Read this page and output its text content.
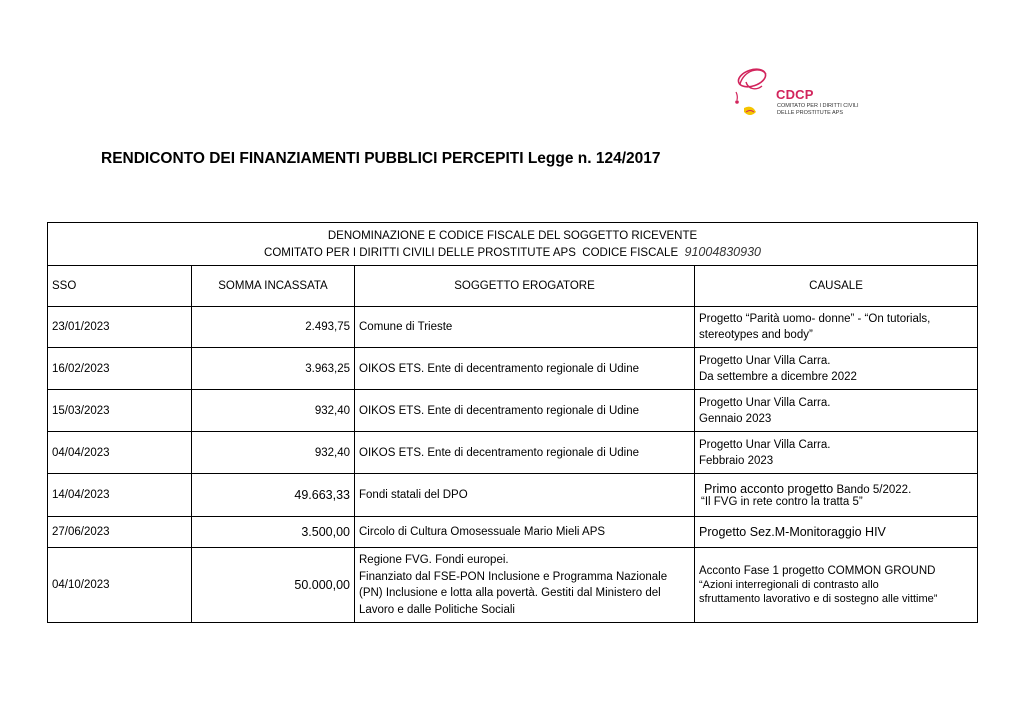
CDCP
COMITATO PER I DIRITTI CIVILI
DELLE PROSTITUTE APS
RENDICONTO DEI FINANZIAMENTI PUBBLICI PERCEPITI Legge n. 124/2017
DENOMINAZIONE E CODICE FISCALE DEL SOGGETTO RICEVENTE
COMITATO PER I DIRITTI CIVILI DELLE PROSTITUTE APS CODICE FISCALE 91004830930			

SSO	SOMMA INCASSATA	SOGGETTO EROGATORE	CAUSALE
23/01/2023	2.493,75	Comune di Trieste	Progetto “Parità uomo- donne” - “On tutorials,
stereotypes and body”

16/02/2023	3.963,25	OIKOS ETS. Ente di decentramento regionale di Udine	Progetto Unar Villa Carra.
Da settembre a dicembre 2022

15/03/2023	932,40	OIKOS ETS. Ente di decentramento regionale di Udine	Progetto Unar Villa Carra.
Gennaio 2023

04/04/2023	932,40	OIKOS ETS. Ente di decentramento regionale di Udine	Progetto Unar Villa Carra.
Febbraio 2023

14/04/2023	49.663,33	Fondi statali del DPO	Primo acconto progetto Bando 5/2022.
“Il FVG in rete contro la tratta 5”

27/06/2023	3.500,00	Circolo di Cultura Omosessuale Mario Mieli APS	Progetto Sez.M-Monitoraggio HIV

04/10/2023	50.000,00	Regione FVG. Fondi europei.
Finanziato dal FSE-PON Inclusione e Programma Nazionale
(PN) Inclusione e lotta alla povertà. Gestiti dal Ministero del
Lavoro e dalle Politiche Sociali	Acconto Fase 1 progetto COMMON GROUND
“Azioni interregionali di contrasto allo
sfruttamento lavorativo e di sostegno alle vittime”
